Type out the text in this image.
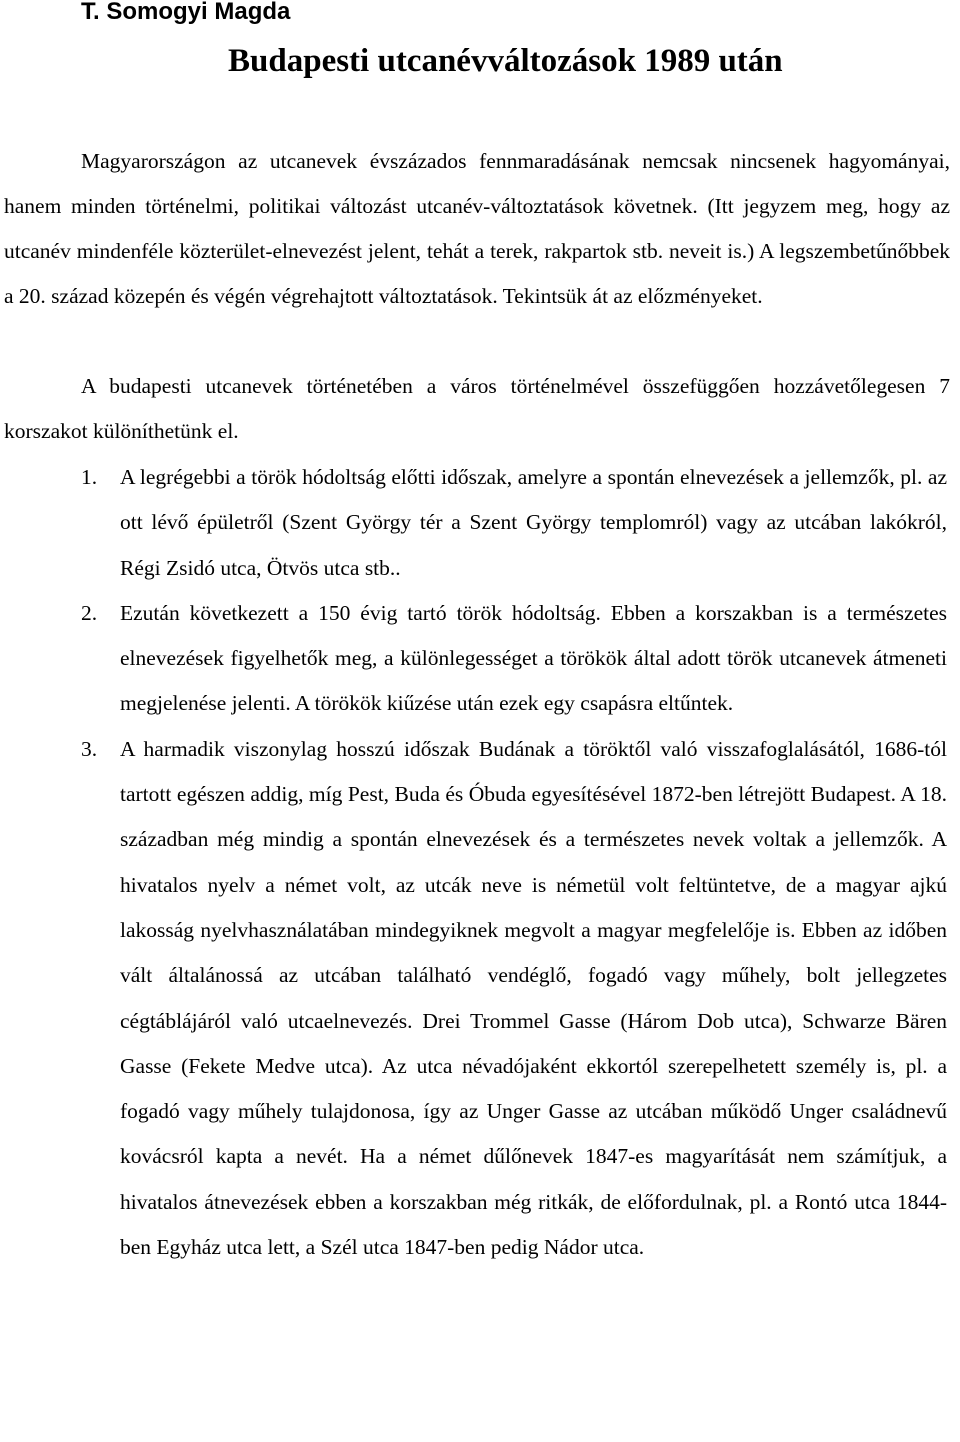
T. Somogyi Magda
Budapesti utcanévváltozások 1989 után

Magyarországon az utcanevek évszázados fennmaradásának nemcsak nincsenek hagyományai, hanem minden történelmi, politikai változást utcanév-változtatások követnek. (Itt jegyzem meg, hogy az utcanév mindenféle közterület-elnevezést jelent, tehát a terek, rakpartok stb. neveit is.) A legszembetűnőbbek a 20. század közepén és végén végrehajtott változtatások. Tekintsük át az előzményeket.

A budapesti utcanevek történetében a város történelmével összefüggően hozzávetőlegesen 7 korszakot különíthetünk el.

1.	A legrégebbi a török hódoltság előtti időszak, amelyre a spontán elnevezések a jellemzők, pl. az ott lévő épületről (Szent György tér a Szent György templomról) vagy az utcában lakókról, Régi Zsidó utca, Ötvös utca stb..
2.	Ezután következett a 150 évig tartó török hódoltság. Ebben a korszakban is a természetes elnevezések figyelhetők meg, a különlegességet a törökök által adott török utcanevek átmeneti megjelenése jelenti. A törökök kiűzése után ezek egy csapásra eltűntek.
3.	A harmadik viszonylag hosszú időszak Budának a töröktől való visszafoglalásától, 1686-tól tartott egészen addig, míg Pest, Buda és Óbuda egyesítésével 1872-ben létrejött Budapest. A 18. században még mindig a spontán elnevezések és a természetes nevek voltak a jellemzők. A hivatalos nyelv a német volt, az utcák neve is németül volt feltüntetve, de a magyar ajkú lakosság nyelvhasználatában mindegyiknek megvolt a magyar megfelelője is. Ebben az időben vált általánossá az utcában található vendéglő, fogadó vagy műhely, bolt jellegzetes cégtáblájáról való utcaelnevezés. Drei Trommel Gasse (Három Dob utca), Schwarze Bären Gasse (Fekete Medve utca). Az utca névadójaként ekkortól szerepelhetett személy is, pl. a fogadó vagy műhely tulajdonosa, így az Unger Gasse az utcában működő Unger családnevű kovácsról kapta a nevét. Ha a német dűlőnevek 1847-es magyarítását nem számítjuk, a hivatalos átnevezések ebben a korszakban még ritkák, de előfordulnak, pl. a Rontó utca 1844-ben Egyház utca lett, a Szél utca 1847-ben pedig Nádor utca.
